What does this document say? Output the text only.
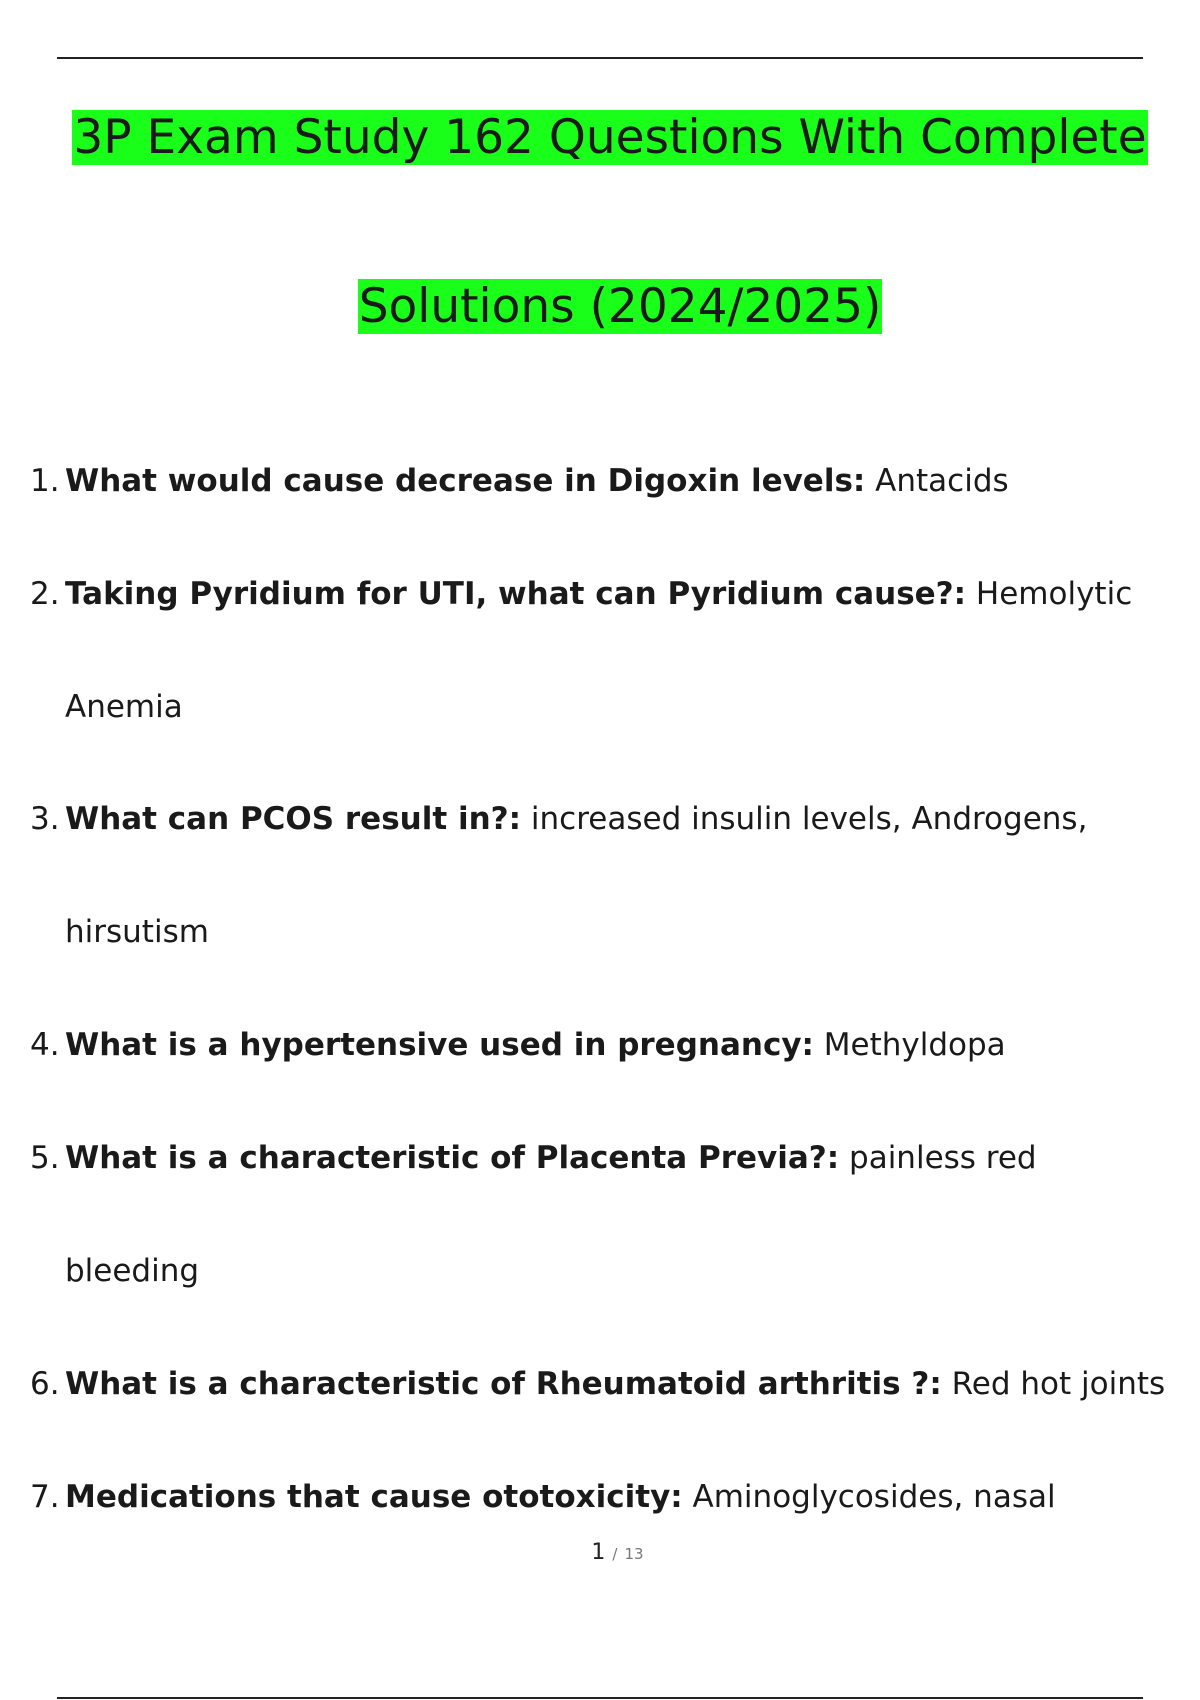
3P Exam Study 162 Questions With Complete
Solutions (2024/2025)
1. What would cause decrease in Digoxin levels: Antacids
2. Taking Pyridium for UTI, what can Pyridium cause?: Hemolytic
Anemia
3. What can PCOS result in?: increased insulin levels, Androgens,
hirsutism
4. What is a hypertensive used in pregnancy: Methyldopa
5. What is a characteristic of Placenta Previa?: painless red
bleeding
6. What is a characteristic of Rheumatoid arthritis ?: Red hot joints
7. Medications that cause ototoxicity: Aminoglycosides, nasal
1 / 13
